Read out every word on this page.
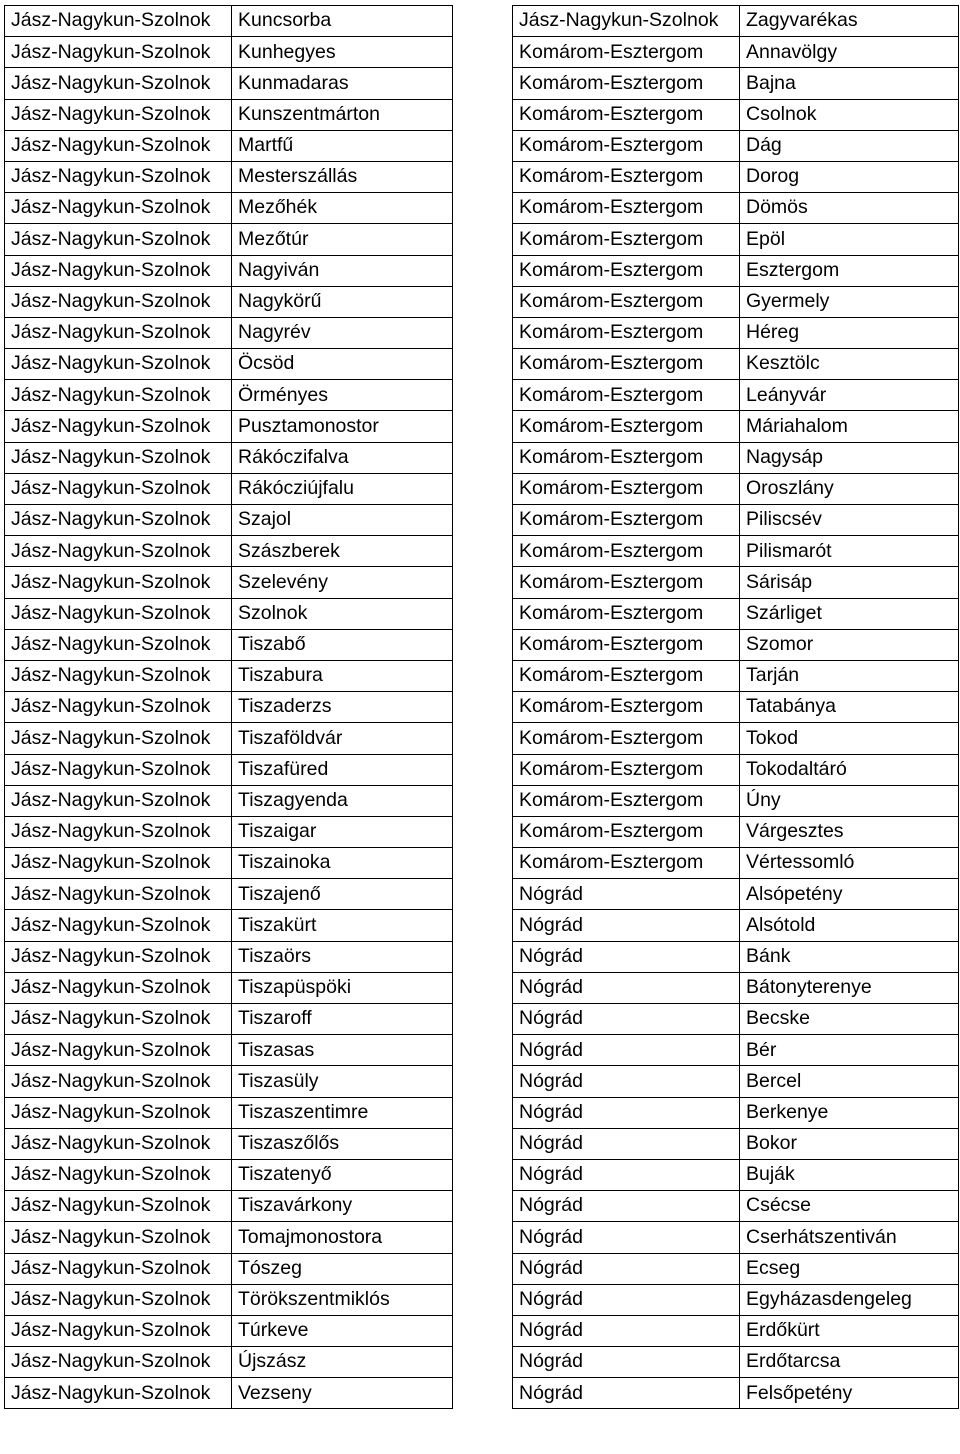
Jász-Nagykun-Szolnok	Kuncsorba
Jász-Nagykun-Szolnok	Kunhegyes
Jász-Nagykun-Szolnok	Kunmadaras
Jász-Nagykun-Szolnok	Kunszentmárton
Jász-Nagykun-Szolnok	Martfű
Jász-Nagykun-Szolnok	Mesterszállás
Jász-Nagykun-Szolnok	Mezőhék
Jász-Nagykun-Szolnok	Mezőtúr
Jász-Nagykun-Szolnok	Nagyiván
Jász-Nagykun-Szolnok	Nagykörű
Jász-Nagykun-Szolnok	Nagyrév
Jász-Nagykun-Szolnok	Öcsöd
Jász-Nagykun-Szolnok	Örményes
Jász-Nagykun-Szolnok	Pusztamonostor
Jász-Nagykun-Szolnok	Rákóczifalva
Jász-Nagykun-Szolnok	Rákócziújfalu
Jász-Nagykun-Szolnok	Szajol
Jász-Nagykun-Szolnok	Szászberek
Jász-Nagykun-Szolnok	Szelevény
Jász-Nagykun-Szolnok	Szolnok
Jász-Nagykun-Szolnok	Tiszabő
Jász-Nagykun-Szolnok	Tiszabura
Jász-Nagykun-Szolnok	Tiszaderzs
Jász-Nagykun-Szolnok	Tiszaföldvár
Jász-Nagykun-Szolnok	Tiszafüred
Jász-Nagykun-Szolnok	Tiszagyenda
Jász-Nagykun-Szolnok	Tiszaigar
Jász-Nagykun-Szolnok	Tiszainoka
Jász-Nagykun-Szolnok	Tiszajenő
Jász-Nagykun-Szolnok	Tiszakürt
Jász-Nagykun-Szolnok	Tiszaörs
Jász-Nagykun-Szolnok	Tiszapüspöki
Jász-Nagykun-Szolnok	Tiszaroff
Jász-Nagykun-Szolnok	Tiszasas
Jász-Nagykun-Szolnok	Tiszasüly
Jász-Nagykun-Szolnok	Tiszaszentimre
Jász-Nagykun-Szolnok	Tiszaszőlős
Jász-Nagykun-Szolnok	Tiszatenyő
Jász-Nagykun-Szolnok	Tiszavárkony
Jász-Nagykun-Szolnok	Tomajmonostora
Jász-Nagykun-Szolnok	Tószeg
Jász-Nagykun-Szolnok	Törökszentmiklós
Jász-Nagykun-Szolnok	Túrkeve
Jász-Nagykun-Szolnok	Újszász
Jász-Nagykun-Szolnok	Vezseny
Jász-Nagykun-Szolnok	Zagyvarékas
Komárom-Esztergom	Annavölgy
Komárom-Esztergom	Bajna
Komárom-Esztergom	Csolnok
Komárom-Esztergom	Dág
Komárom-Esztergom	Dorog
Komárom-Esztergom	Dömös
Komárom-Esztergom	Epöl
Komárom-Esztergom	Esztergom
Komárom-Esztergom	Gyermely
Komárom-Esztergom	Héreg
Komárom-Esztergom	Kesztölc
Komárom-Esztergom	Leányvár
Komárom-Esztergom	Máriahalom
Komárom-Esztergom	Nagysáp
Komárom-Esztergom	Oroszlány
Komárom-Esztergom	Piliscsév
Komárom-Esztergom	Pilismarót
Komárom-Esztergom	Sárisáp
Komárom-Esztergom	Szárliget
Komárom-Esztergom	Szomor
Komárom-Esztergom	Tarján
Komárom-Esztergom	Tatabánya
Komárom-Esztergom	Tokod
Komárom-Esztergom	Tokodaltáró
Komárom-Esztergom	Úny
Komárom-Esztergom	Várgesztes
Komárom-Esztergom	Vértessomló
Nógrád	Alsópetény
Nógrád	Alsótold
Nógrád	Bánk
Nógrád	Bátonyterenye
Nógrád	Becske
Nógrád	Bér
Nógrád	Bercel
Nógrád	Berkenye
Nógrád	Bokor
Nógrád	Buják
Nógrád	Csécse
Nógrád	Cserhátszentiván
Nógrád	Ecseg
Nógrád	Egyházasdengeleg
Nógrád	Erdőkürt
Nógrád	Erdőtarcsa
Nógrád	Felsőpetény
